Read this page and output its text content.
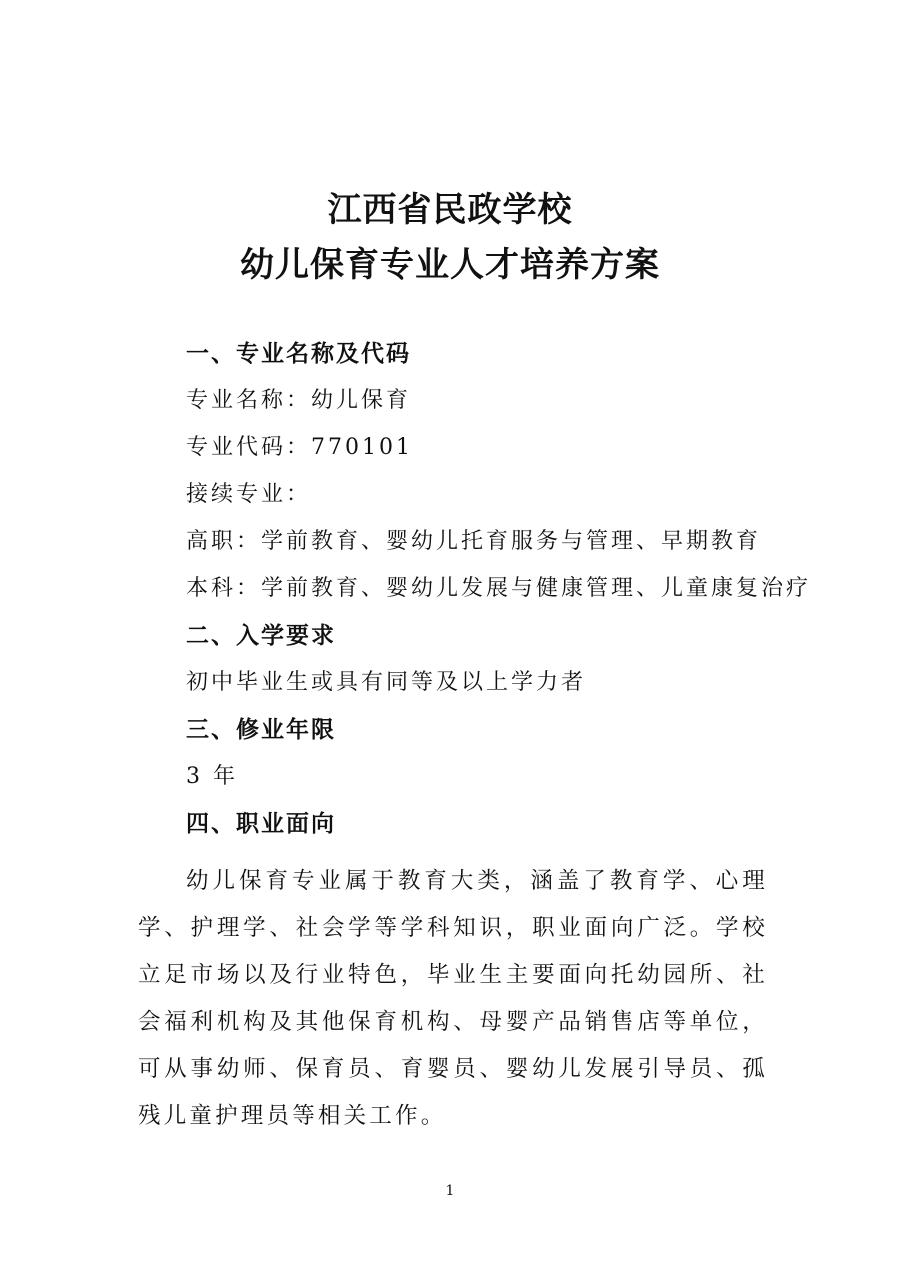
江西省民政学校
幼儿保育专业人才培养方案
一、专业名称及代码
专业名称：幼儿保育
专业代码：770101
接续专业：
高职：学前教育、婴幼儿托育服务与管理、早期教育
本科：学前教育、婴幼儿发展与健康管理、儿童康复治疗
二、入学要求
初中毕业生或具有同等及以上学力者
三、修业年限
3 年
四、职业面向
幼儿保育专业属于教育大类，涵盖了教育学、心理学、护理学、社会学等学科知识，职业面向广泛。学校立足市场以及行业特色，毕业生主要面向托幼园所、社会福利机构及其他保育机构、母婴产品销售店等单位，可从事幼师、保育员、育婴员、婴幼儿发展引导员、孤残儿童护理员等相关工作。
1
